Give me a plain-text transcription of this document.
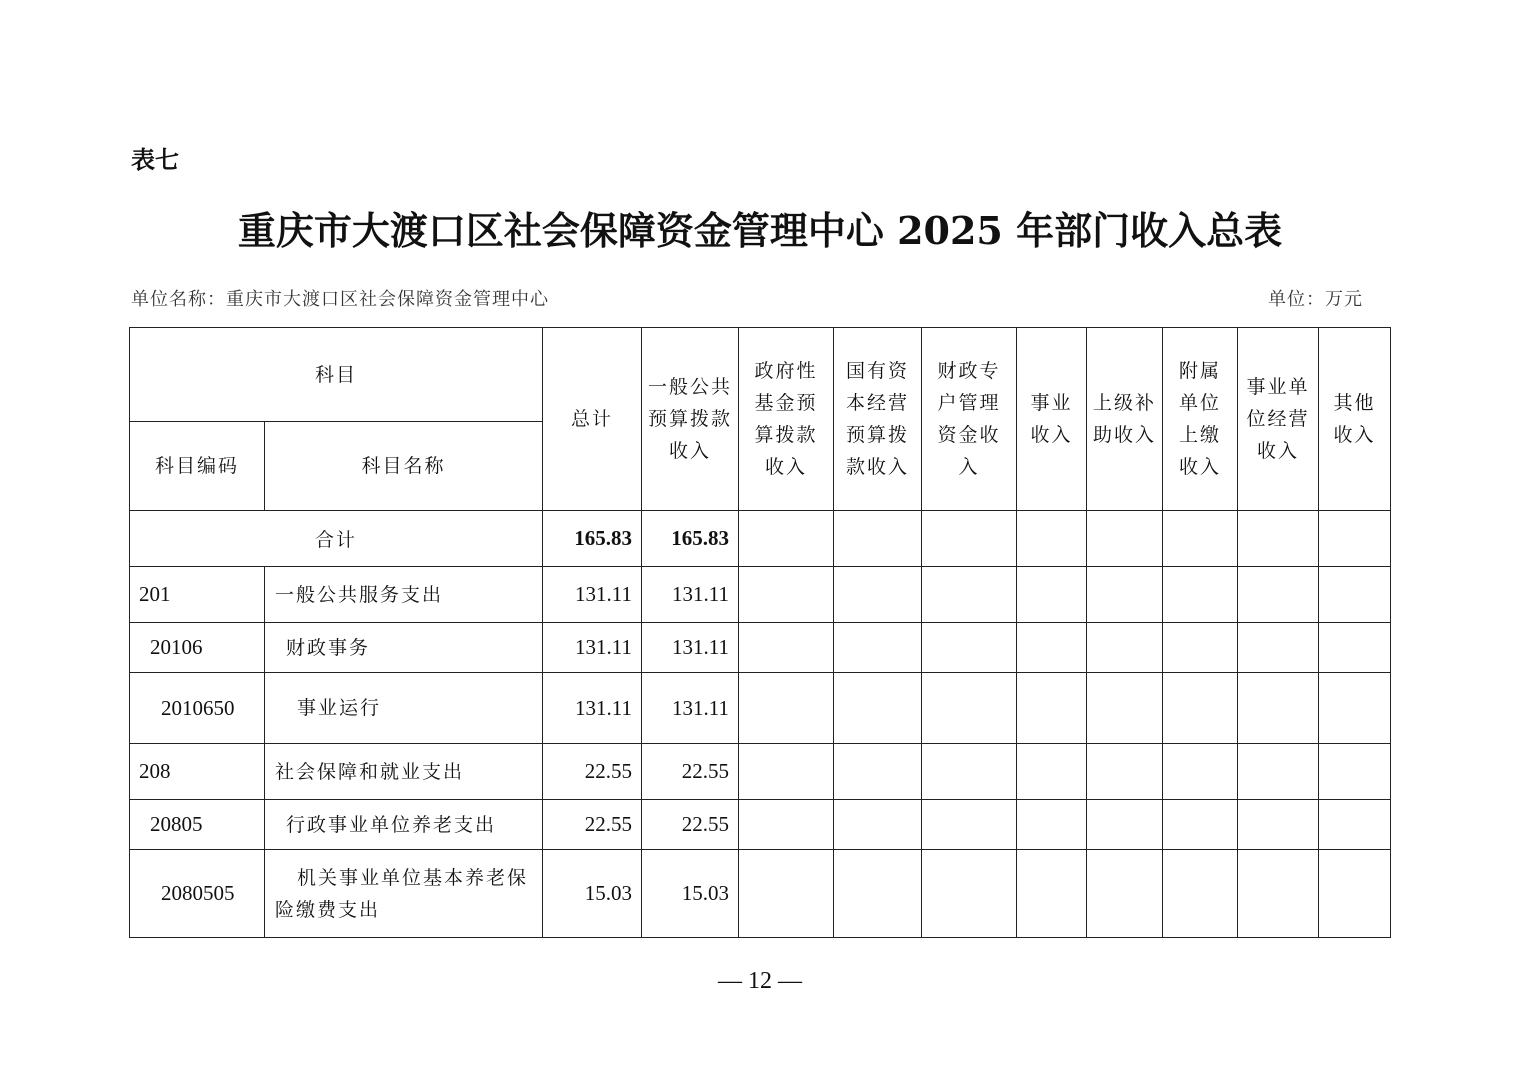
表七
重庆市大渡口区社会保障资金管理中心 2025 年部门收入总表
单位名称：重庆市大渡口区社会保障资金管理中心	单位：万元
科目		总计	一般公共预算拨款收入	政府性基金预算拨款收入	国有资本经营预算拨款收入	财政专户管理资金收入	事业收入	上级补助收入	附属单位上缴收入	事业单位经营收入	其他收入
科目编码	科目名称										
合计		165.83	165.83								
201	一般公共服务支出	131.11	131.11								
20106	财政事务	131.11	131.11								
2010650	事业运行	131.11	131.11								
208	社会保障和就业支出	22.55	22.55								
20805	行政事业单位养老支出	22.55	22.55								
2080505	机关事业单位基本养老保险缴费支出	15.03	15.03								
— 12 —
